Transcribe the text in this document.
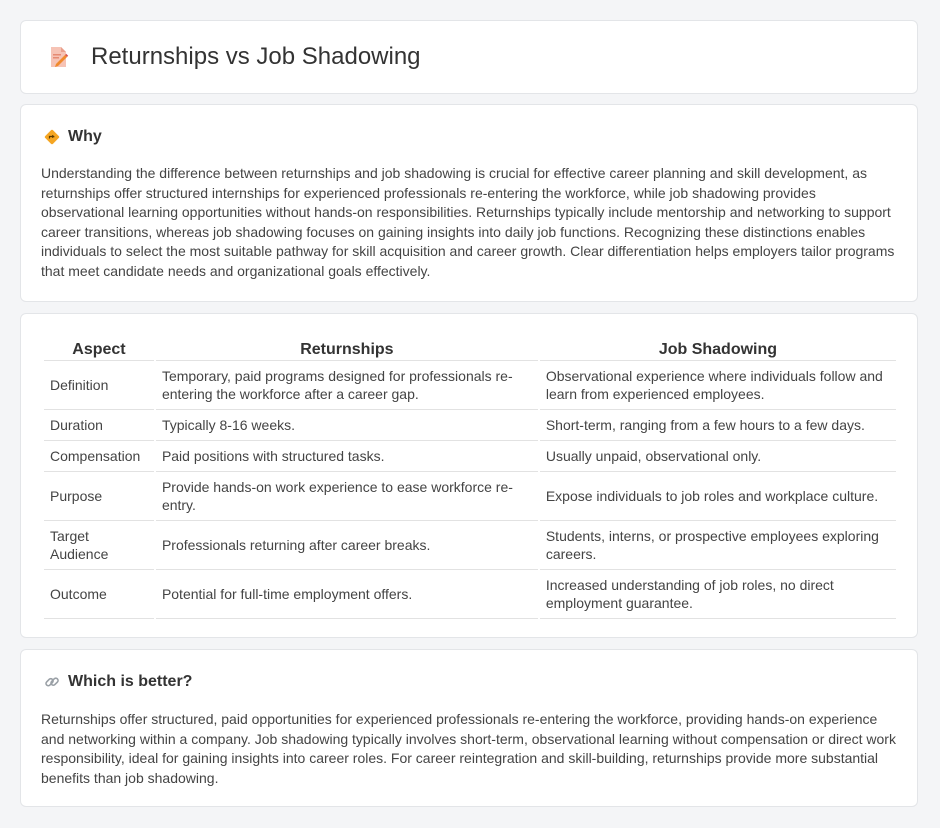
Returnships vs Job Shadowing
Why

Understanding the difference between returnships and job shadowing is crucial for effective career planning and skill development, as returnships offer structured internships for experienced professionals re-entering the workforce, while job shadowing provides observational learning opportunities without hands-on responsibilities. Returnships typically include mentorship and networking to support career transitions, whereas job shadowing focuses on gaining insights into daily job functions. Recognizing these distinctions enables individuals to select the most suitable pathway for skill acquisition and career growth. Clear differentiation helps employers tailor programs that meet candidate needs and organizational goals effectively.

Aspect	Returnships	Job Shadowing
Definition	Temporary, paid programs designed for professionals re-entering the workforce after a career gap.	Observational experience where individuals follow and learn from experienced employees.
Duration	Typically 8-16 weeks.	Short-term, ranging from a few hours to a few days.
Compensation	Paid positions with structured tasks.	Usually unpaid, observational only.
Purpose	Provide hands-on work experience to ease workforce re-entry.	Expose individuals to job roles and workplace culture.
Target Audience	Professionals returning after career breaks.	Students, interns, or prospective employees exploring careers.
Outcome	Potential for full-time employment offers.	Increased understanding of job roles, no direct employment guarantee.
Which is better?

Returnships offer structured, paid opportunities for experienced professionals re-entering the workforce, providing hands-on experience and networking within a company. Job shadowing typically involves short-term, observational learning without compensation or direct work responsibility, ideal for gaining insights into career roles. For career reintegration and skill-building, returnships provide more substantial benefits than job shadowing.
